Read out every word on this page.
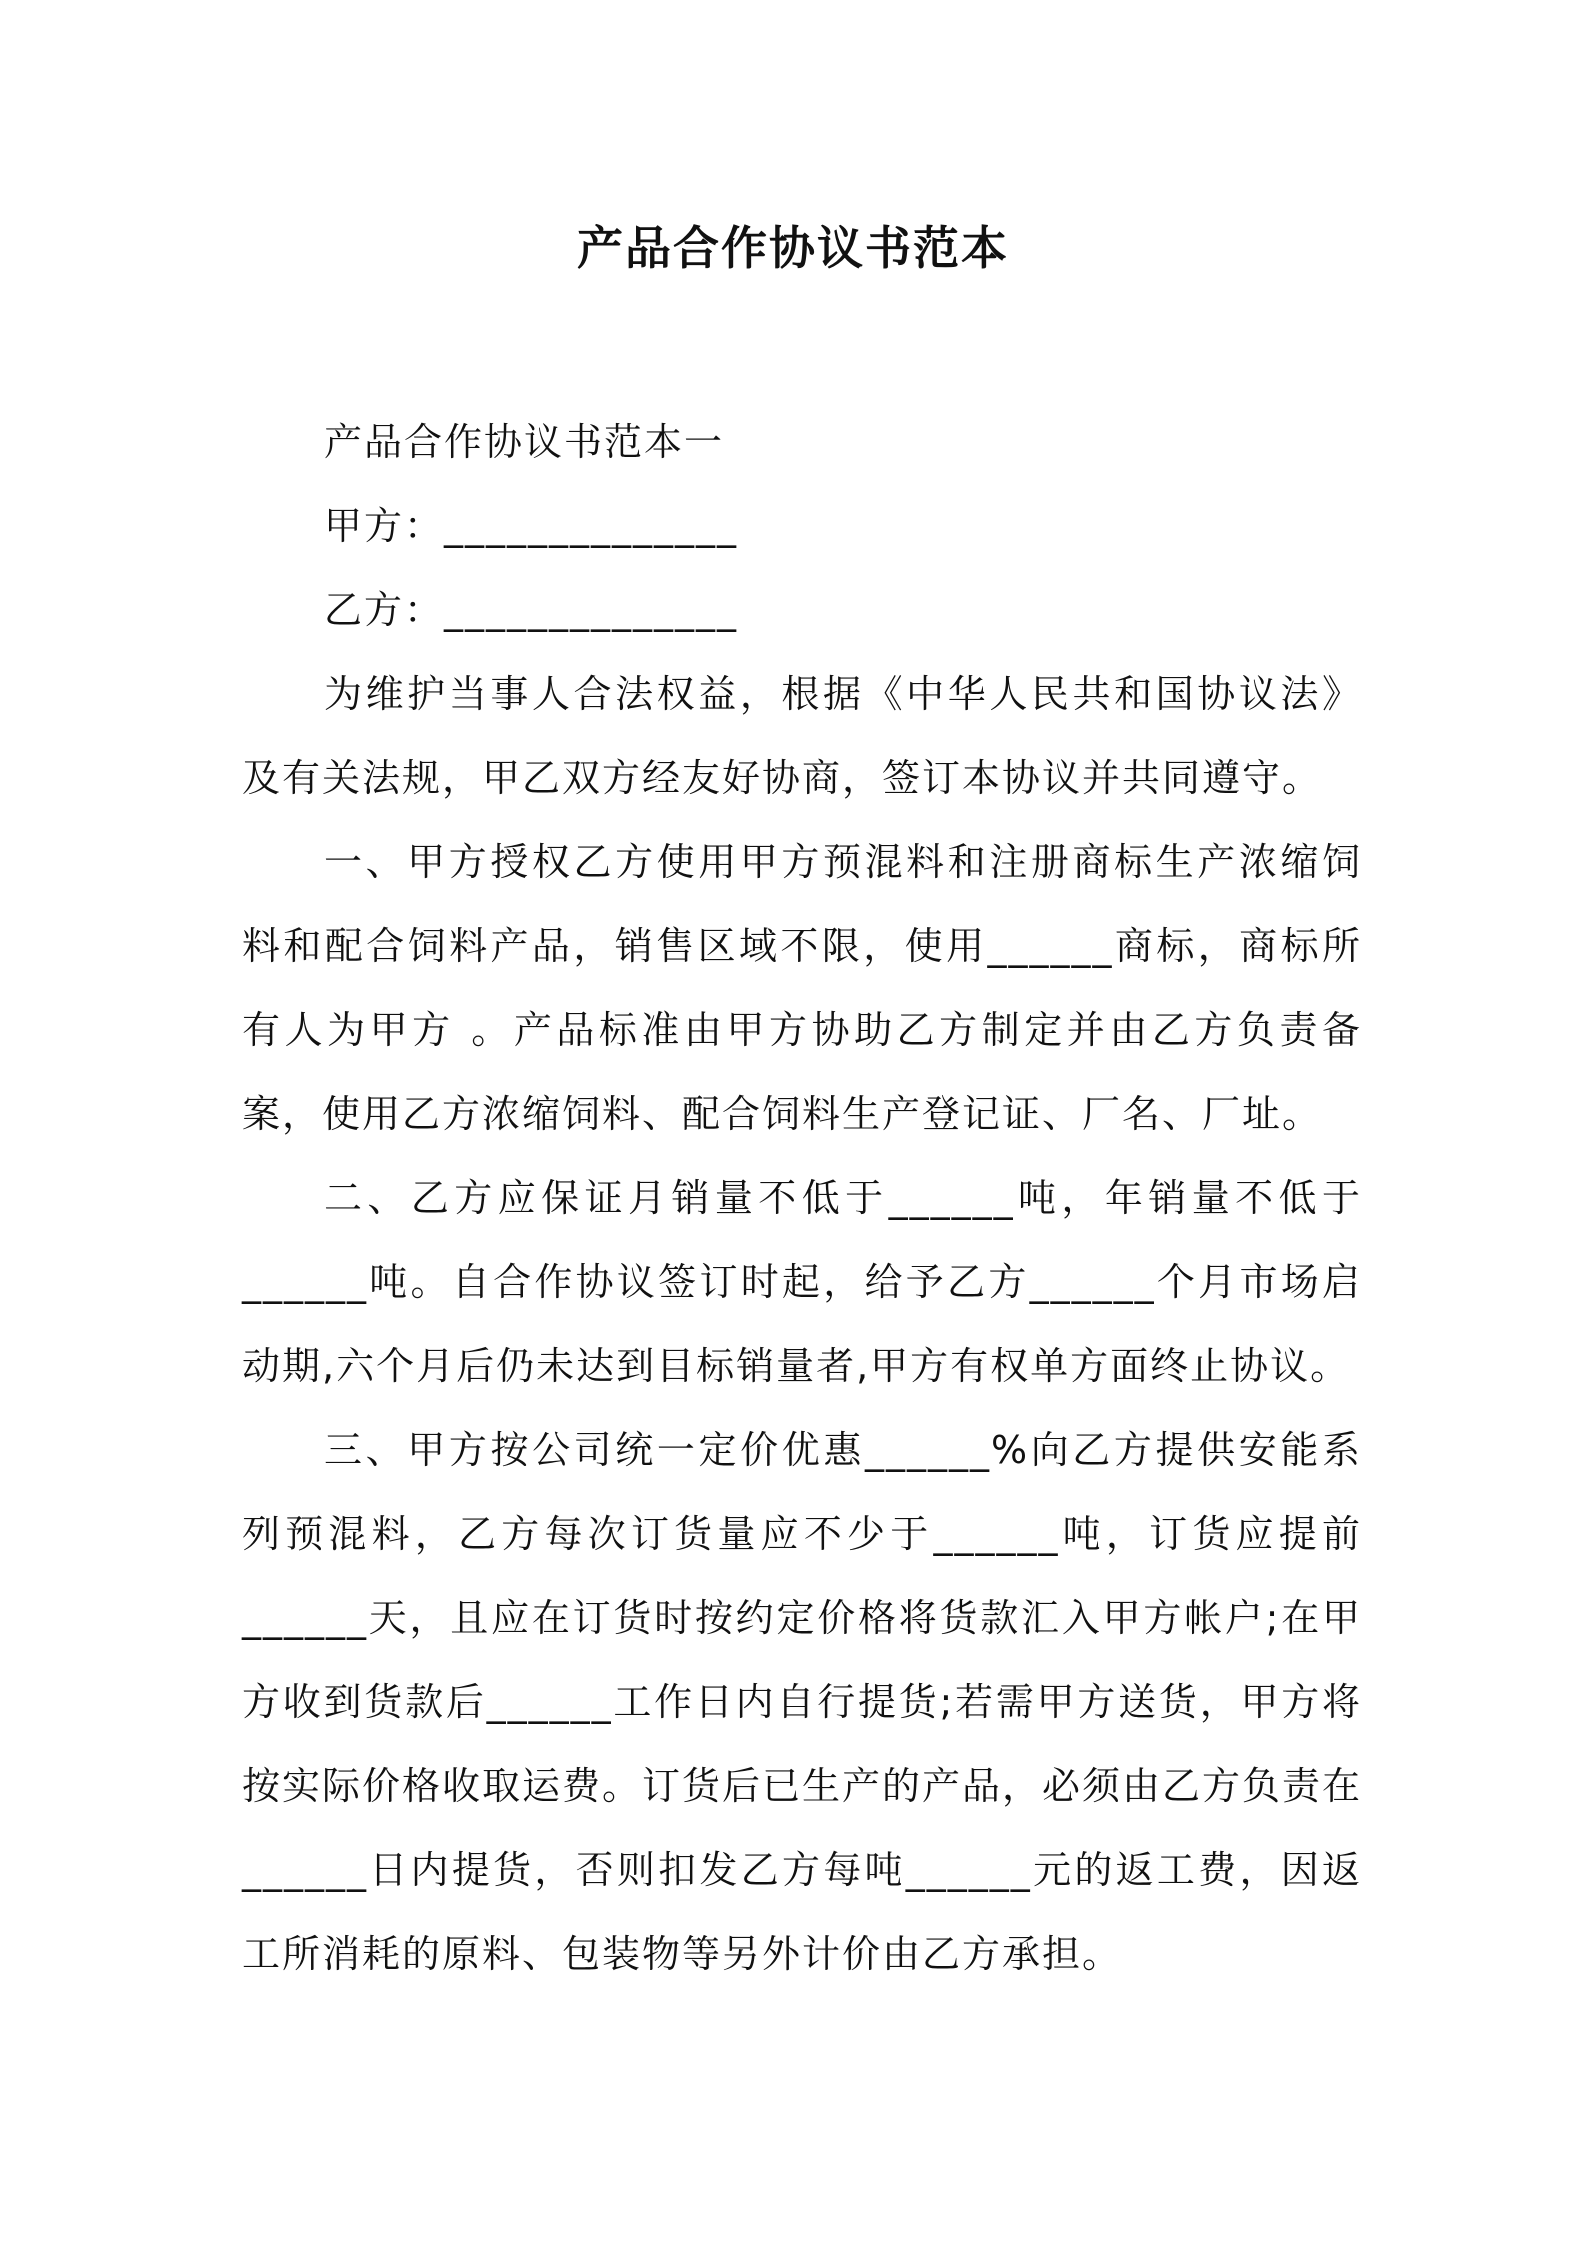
产品合作协议书范本

产品合作协议书范本一

甲方：______________

乙方：______________

为维护当事人合法权益，根据《中华人民共和国协议法》及有关法规，甲乙双方经友好协商，签订本协议并共同遵守。

一、甲方授权乙方使用甲方预混料和注册商标生产浓缩饲料和配合饲料产品，销售区域不限，使用______商标，商标所有人为甲方 。产品标准由甲方协助乙方制定并由乙方负责备案，使用乙方浓缩饲料、配合饲料生产登记证、厂名、厂址。

二、乙方应保证月销量不低于______吨，年销量不低于______吨。自合作协议签订时起，给予乙方______个月市场启动期,六个月后仍未达到目标销量者,甲方有权单方面终止协议。

三、甲方按公司统一定价优惠______%向乙方提供安能系列预混料，乙方每次订货量应不少于______吨，订货应提前______天，且应在订货时按约定价格将货款汇入甲方帐户;在甲方收到货款后______工作日内自行提货;若需甲方送货，甲方将按实际价格收取运费。订货后已生产的产品，必须由乙方负责在______日内提货，否则扣发乙方每吨______元的返工费，因返工所消耗的原料、包装物等另外计价由乙方承担。
